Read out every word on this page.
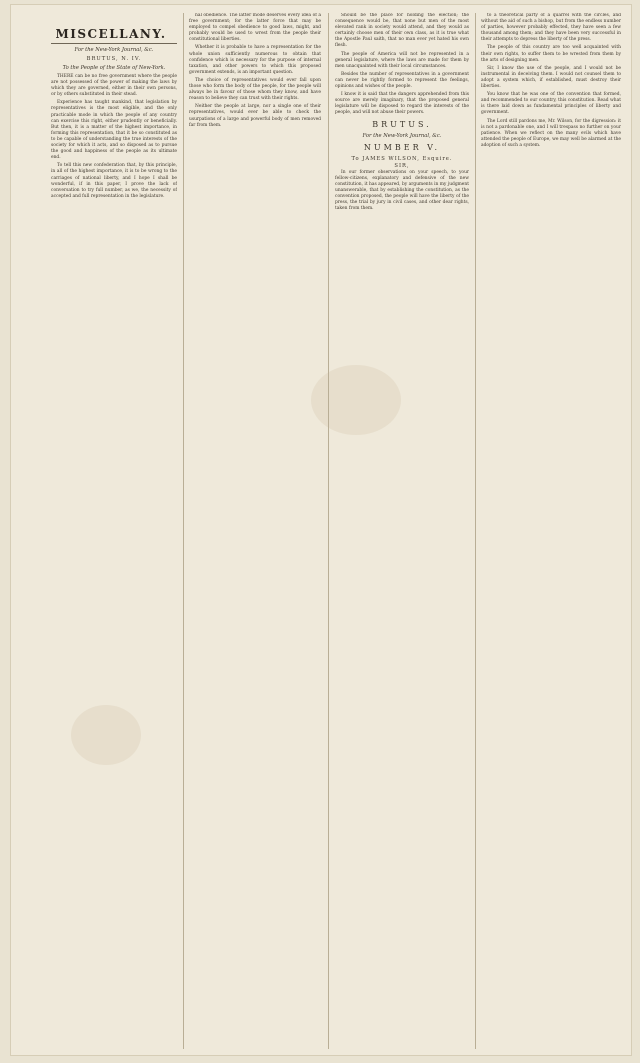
MISCELLANY.
For the New-York Journal, &c.
BRUTUS, N. IV.
To the People of the State of New-York.

THERE can be no free government where the people are not possessed of the power of making the laws by which they are governed, either in their own persons, or by others substituted in their stead.

Experience has taught mankind, that legislation by representatives is the most eligible, and the only practicable mode in which the people of any country can exercise this right, either prudently or beneficially. But then, it is a matter of the highest importance, in forming this representation, that it be so constituted as to be capable of understanding the true interests of the society for which it acts, and so disposed as to pursue the good and happiness of the people as its ultimate end.

To tell this new confederation that, by this principle, in all of the highest importance, it is to be wrong to the carriages of national liberty, and I hope I shall be wonderful, if in this paper, I prove the lack of conversation to try full number, as we, the necessity of accepted and full representation in the legislature.

nal obedience. The latter mode deserves every idea of a free government; for the latter force that may be employed to compel obedience to good laws, might, and probably would be used to wrest from the people their constitutional liberties.

Whether it is probable to have a representation for the whole union sufficiently numerous to obtain that confidence which is necessary for the purpose of internal taxation, and other powers to which this proposed government extends, is an important question.

The choice of representatives would ever fall upon those who form the body of the people, for the people will always be in favour of those whom they know, and have reason to believe they can trust with their rights.

Neither the people at large, nor a single one of their representatives, would ever be able to check the usurpations of a large and powerful body of men removed far from them.

Should be the place for holding the election; the consequence would be, that none but men of the most elevated rank in society would attend, and they would as certainly choose men of their own class, as it is true what the Apostle Paul saith, that no man ever yet hated his own flesh.

The people of America will not be represented in a general legislature, where the laws are made for them by men unacquainted with their local circumstances.

Besides the number of representatives in a government can never be rightly formed to represent the feelings, opinions and wishes of the people.

I know it is said that the dangers apprehended from this source are merely imaginary, that the proposed general legislature will be disposed to regard the interests of the people, and will not abuse their powers.

BRUTUS.
For the New-York Journal, &c.
NUMBER V.
To JAMES WILSON, Esquire.
SIR,

In our former observations on your speech, to your fellow-citizens, explanatory and defensive of the new constitution, it has appeared, by arguments in my judgment unanswerable, that by establishing the constitution, as the convention proposed, the people will have the liberty of the press, the trial by jury in civil cases, and other dear rights, taken from them.

to a theoretical party of a quarrel with the circles, and without the aid of such a bishop, but from the endless number of parties, however probably effected, they have seen a few thousand among them; and they have been very successful in their attempts to depress the liberty of the press.

The people of this country are too well acquainted with their own rights, to suffer them to be wrested from them by the arts of designing men.

Sir, I know the use of the people, and I would not be instrumental in deceiving them. I would not counsel them to adopt a system which, if established, must destroy their liberties.

You know that he was one of the convention that formed, and recommended to our country, this constitution. Read what is there laid down as fundamental principles of liberty and government.

The Lord still pardons me, Mr. Wilson, for the digression: it is not a pardonable one, and I will trespass no further on your patience. When we reflect on the many evils which have attended the people of Europe, we may well be alarmed at the adoption of such a system.
